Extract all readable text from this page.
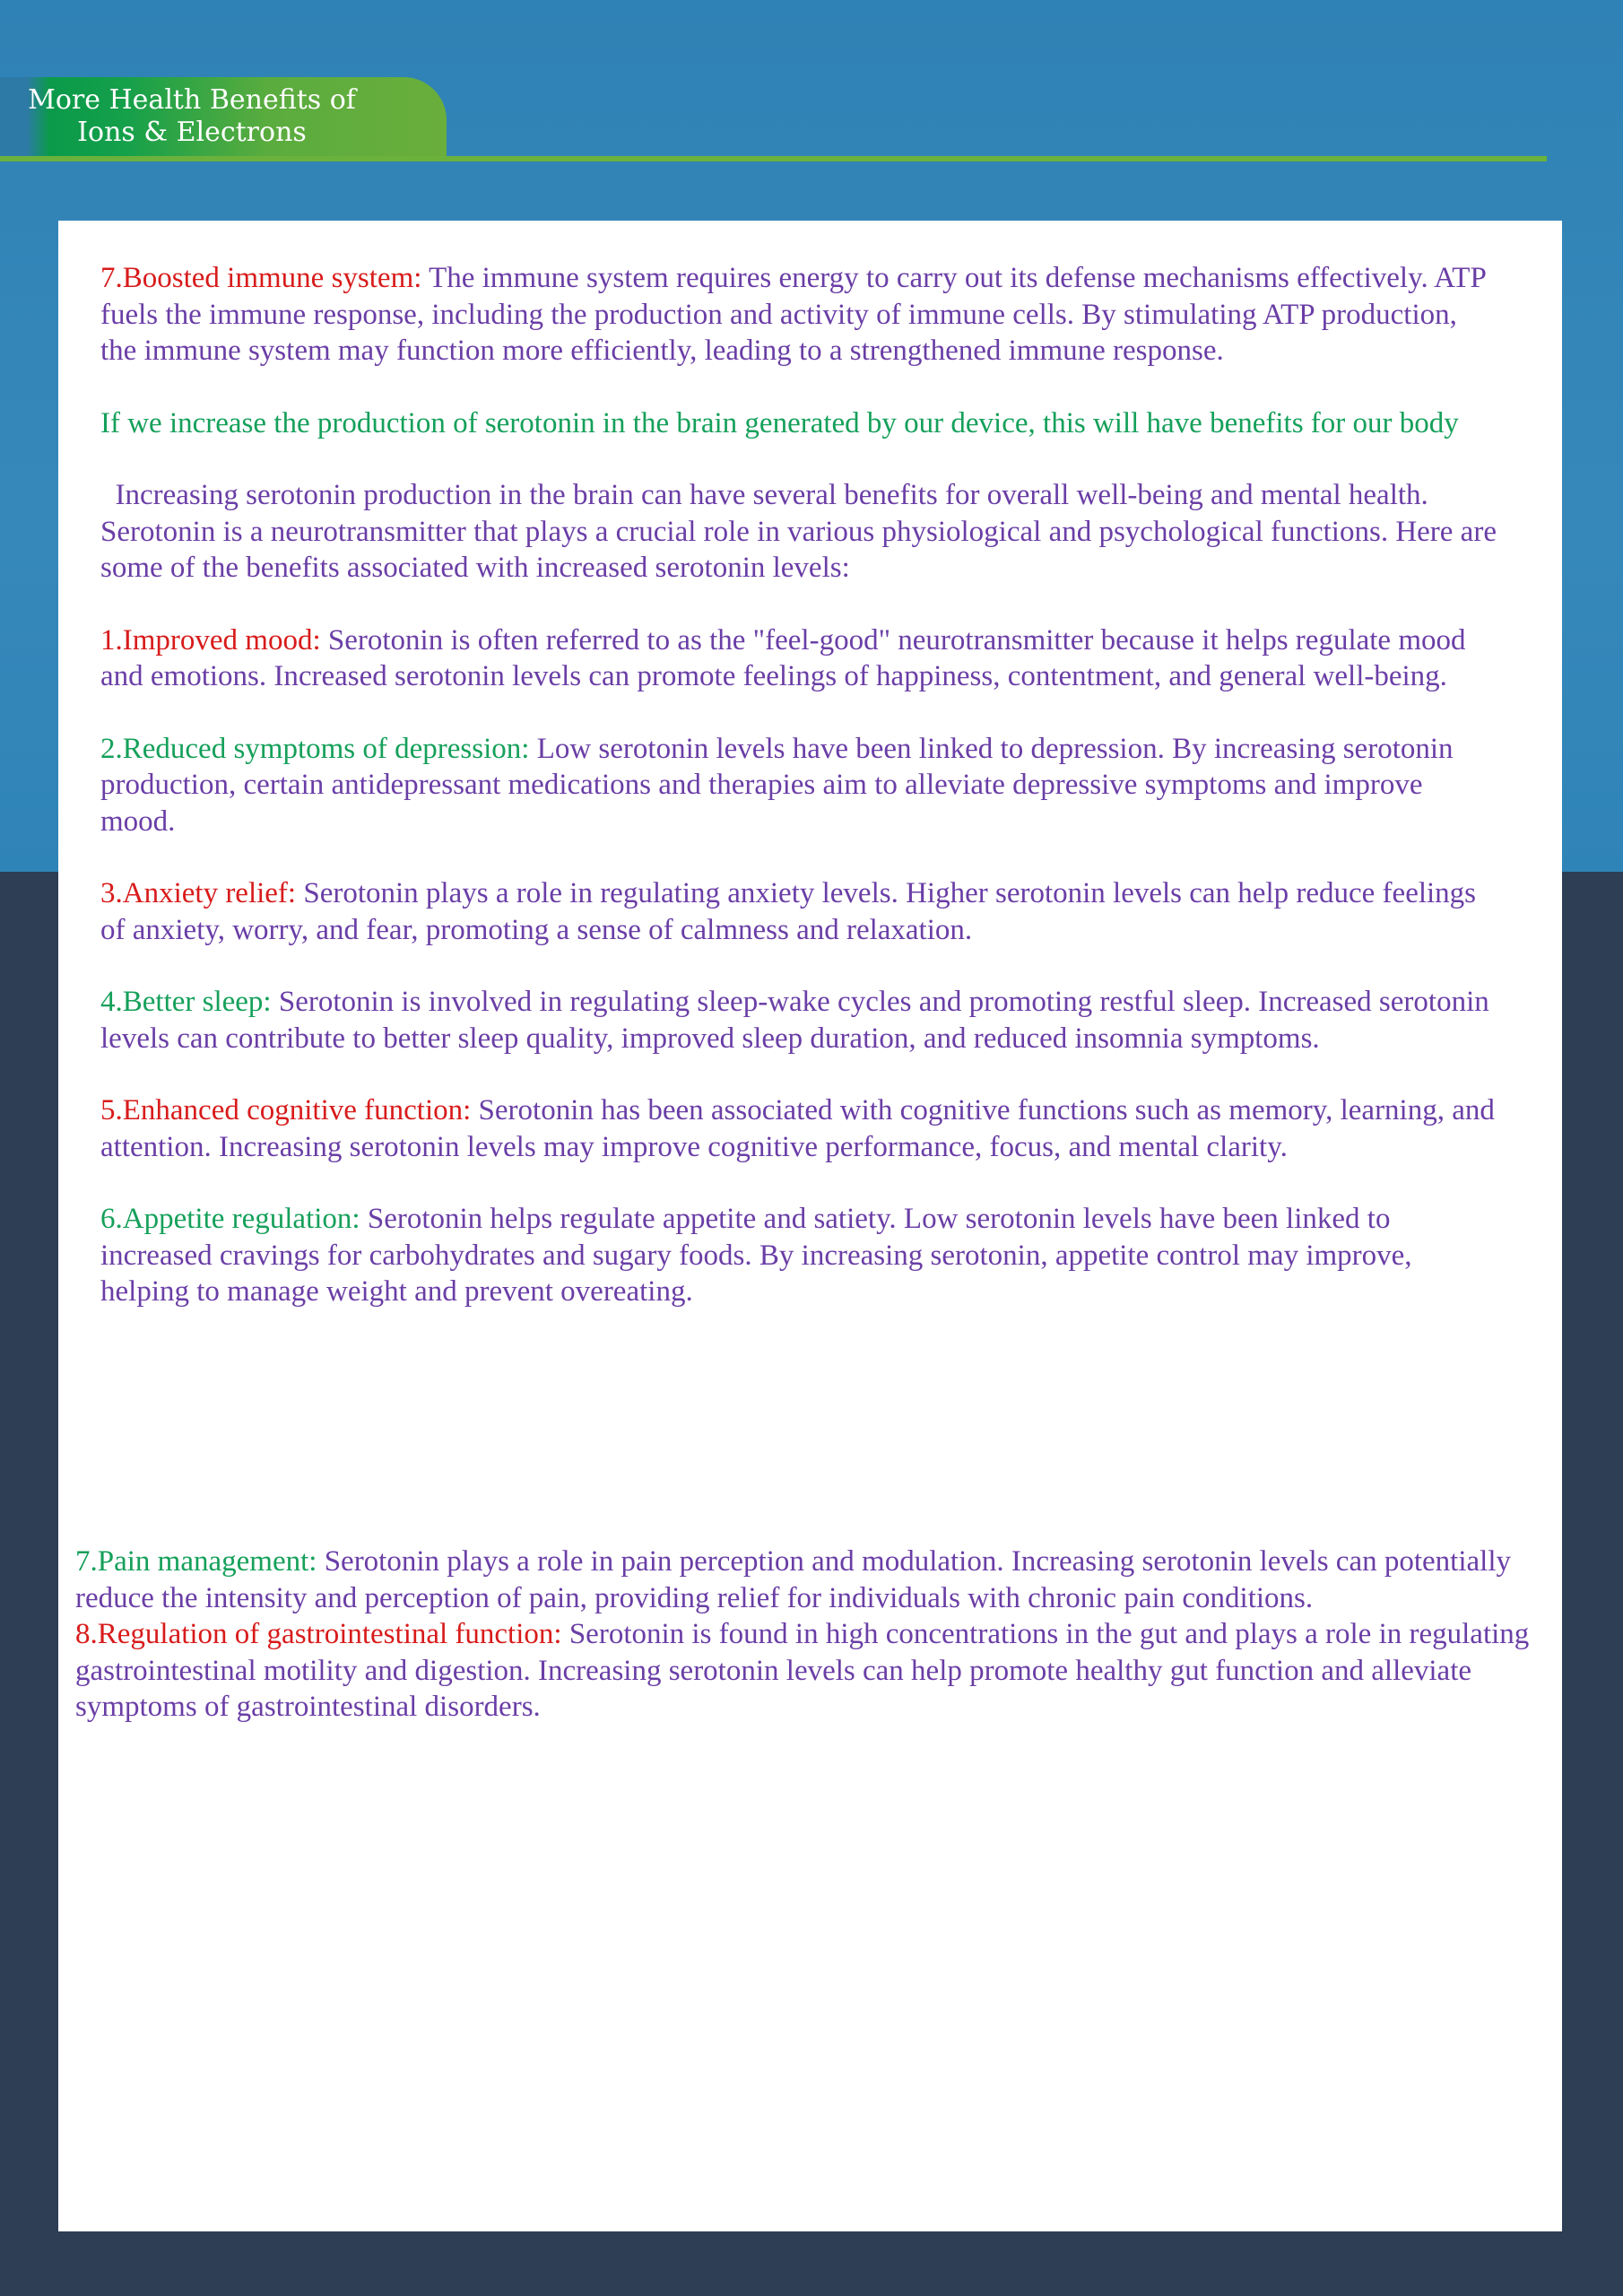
More Health Benefits of
Ions & Electrons

7.Boosted immune system: The immune system requires energy to carry out its defense mechanisms effectively. ATP fuels the immune response, including the production and activity of immune cells. By stimulating ATP production, the immune system may function more efficiently, leading to a strengthened immune response.

If we increase the production of serotonin in the brain generated by our device, this will have benefits for our body

Increasing serotonin production in the brain can have several benefits for overall well-being and mental health. Serotonin is a neurotransmitter that plays a crucial role in various physiological and psychological functions. Here are some of the benefits associated with increased serotonin levels:

1.Improved mood: Serotonin is often referred to as the "feel-good" neurotransmitter because it helps regulate mood and emotions. Increased serotonin levels can promote feelings of happiness, contentment, and general well-being.

2.Reduced symptoms of depression: Low serotonin levels have been linked to depression. By increasing serotonin production, certain antidepressant medications and therapies aim to alleviate depressive symptoms and improve mood.

3.Anxiety relief: Serotonin plays a role in regulating anxiety levels. Higher serotonin levels can help reduce feelings of anxiety, worry, and fear, promoting a sense of calmness and relaxation.

4.Better sleep: Serotonin is involved in regulating sleep-wake cycles and promoting restful sleep. Increased serotonin levels can contribute to better sleep quality, improved sleep duration, and reduced insomnia symptoms.

5.Enhanced cognitive function: Serotonin has been associated with cognitive functions such as memory, learning, and attention. Increasing serotonin levels may improve cognitive performance, focus, and mental clarity.

6.Appetite regulation: Serotonin helps regulate appetite and satiety. Low serotonin levels have been linked to increased cravings for carbohydrates and sugary foods. By increasing serotonin, appetite control may improve, helping to manage weight and prevent overeating.

7.Pain management: Serotonin plays a role in pain perception and modulation. Increasing serotonin levels can potentially reduce the intensity and perception of pain, providing relief for individuals with chronic pain conditions.

8.Regulation of gastrointestinal function: Serotonin is found in high concentrations in the gut and plays a role in regulating gastrointestinal motility and digestion. Increasing serotonin levels can help promote healthy gut function and alleviate symptoms of gastrointestinal disorders.
